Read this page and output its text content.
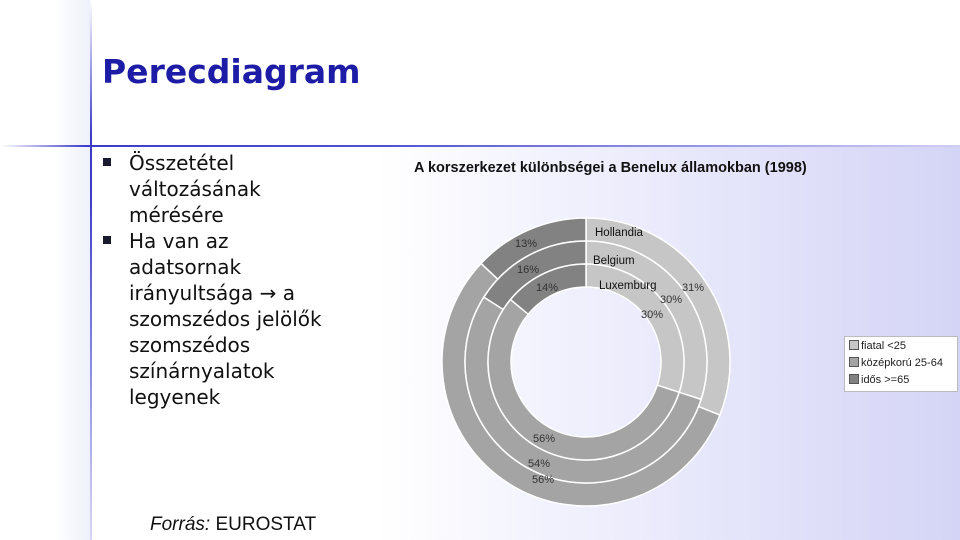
Perecdiagram
Összetétel változásának mérésére
Ha van az adatsornak irányultsága → a szomszédos jelölők szomszédos színárnyalatok legyenek
Forrás: EUROSTAT
A korszerkezet különbségei a Benelux államokban (1998)
Hollandia
Belgium
Luxemburg 31%
56%
13%
30%
54%
16%
30%
56%
14%
fiatal <25
középkorú 25-64
idős >=65
